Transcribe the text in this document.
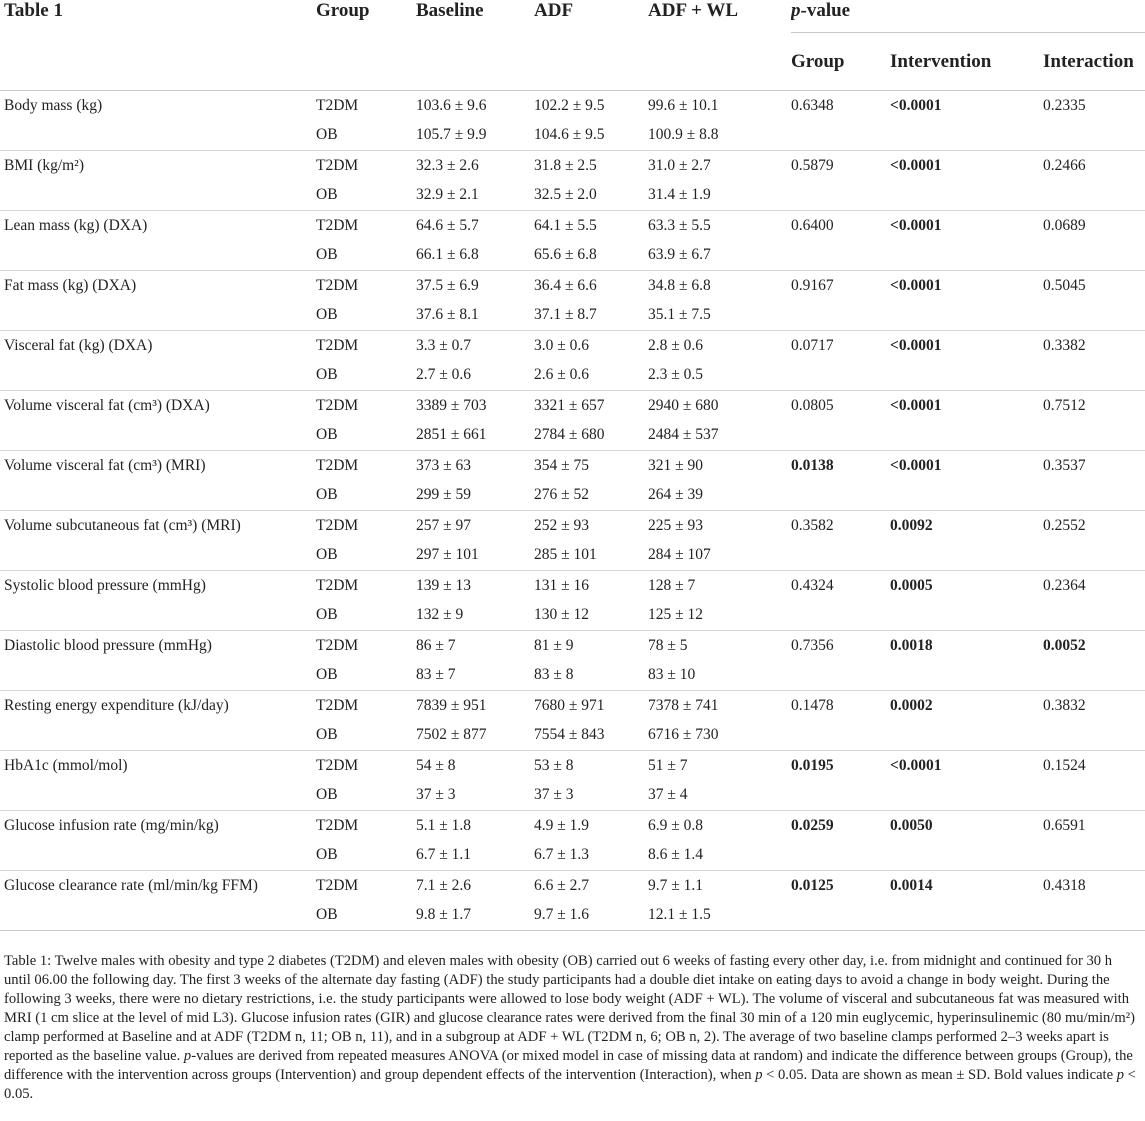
Table 1	Group	Baseline	ADF	ADF + WL	p-value		
					Group	Intervention	Interaction
Body mass (kg)	T2DM	103.6 ± 9.6	102.2 ± 9.5	99.6 ± 10.1	0.6348	<0.0001	0.2335
	OB	105.7 ± 9.9	104.6 ± 9.5	100.9 ± 8.8			
BMI (kg/m²)	T2DM	32.3 ± 2.6	31.8 ± 2.5	31.0 ± 2.7	0.5879	<0.0001	0.2466
	OB	32.9 ± 2.1	32.5 ± 2.0	31.4 ± 1.9			
Lean mass (kg) (DXA)	T2DM	64.6 ± 5.7	64.1 ± 5.5	63.3 ± 5.5	0.6400	<0.0001	0.0689
	OB	66.1 ± 6.8	65.6 ± 6.8	63.9 ± 6.7			
Fat mass (kg) (DXA)	T2DM	37.5 ± 6.9	36.4 ± 6.6	34.8 ± 6.8	0.9167	<0.0001	0.5045
	OB	37.6 ± 8.1	37.1 ± 8.7	35.1 ± 7.5			
Visceral fat (kg) (DXA)	T2DM	3.3 ± 0.7	3.0 ± 0.6	2.8 ± 0.6	0.0717	<0.0001	0.3382
	OB	2.7 ± 0.6	2.6 ± 0.6	2.3 ± 0.5			
Volume visceral fat (cm³) (DXA)	T2DM	3389 ± 703	3321 ± 657	2940 ± 680	0.0805	<0.0001	0.7512
	OB	2851 ± 661	2784 ± 680	2484 ± 537			
Volume visceral fat (cm³) (MRI)	T2DM	373 ± 63	354 ± 75	321 ± 90	0.0138	<0.0001	0.3537
	OB	299 ± 59	276 ± 52	264 ± 39			
Volume subcutaneous fat (cm³) (MRI)	T2DM	257 ± 97	252 ± 93	225 ± 93	0.3582	0.0092	0.2552
	OB	297 ± 101	285 ± 101	284 ± 107			
Systolic blood pressure (mmHg)	T2DM	139 ± 13	131 ± 16	128 ± 7	0.4324	0.0005	0.2364
	OB	132 ± 9	130 ± 12	125 ± 12			
Diastolic blood pressure (mmHg)	T2DM	86 ± 7	81 ± 9	78 ± 5	0.7356	0.0018	0.0052
	OB	83 ± 7	83 ± 8	83 ± 10			
Resting energy expenditure (kJ/day)	T2DM	7839 ± 951	7680 ± 971	7378 ± 741	0.1478	0.0002	0.3832
	OB	7502 ± 877	7554 ± 843	6716 ± 730			
HbA1c (mmol/mol)	T2DM	54 ± 8	53 ± 8	51 ± 7	0.0195	<0.0001	0.1524
	OB	37 ± 3	37 ± 3	37 ± 4			
Glucose infusion rate (mg/min/kg)	T2DM	5.1 ± 1.8	4.9 ± 1.9	6.9 ± 0.8	0.0259	0.0050	0.6591
	OB	6.7 ± 1.1	6.7 ± 1.3	8.6 ± 1.4			
Glucose clearance rate (ml/min/kg FFM)	T2DM	7.1 ± 2.6	6.6 ± 2.7	9.7 ± 1.1	0.0125	0.0014	0.4318
	OB	9.8 ± 1.7	9.7 ± 1.6	12.1 ± 1.5			
Table 1: Twelve males with obesity and type 2 diabetes (T2DM) and eleven males with obesity (OB) carried out 6 weeks of fasting every other day, i.e. from midnight and continued for 30 h until 06.00 the following day. The first 3 weeks of the alternate day fasting (ADF) the study participants had a double diet intake on eating days to avoid a change in body weight. During the following 3 weeks, there were no dietary restrictions, i.e. the study participants were allowed to lose body weight (ADF + WL). The volume of visceral and subcutaneous fat was measured with MRI (1 cm slice at the level of mid L3). Glucose infusion rates (GIR) and glucose clearance rates were derived from the final 30 min of a 120 min euglycemic, hyperinsulinemic (80 mu/min/m²) clamp performed at Baseline and at ADF (T2DM n, 11; OB n, 11), and in a subgroup at ADF + WL (T2DM n, 6; OB n, 2). The average of two baseline clamps performed 2–3 weeks apart is reported as the baseline value. p-values are derived from repeated measures ANOVA (or mixed model in case of missing data at random) and indicate the difference between groups (Group), the difference with the intervention across groups (Intervention) and group dependent effects of the intervention (Interaction), when p < 0.05. Data are shown as mean ± SD. Bold values indicate p < 0.05.
